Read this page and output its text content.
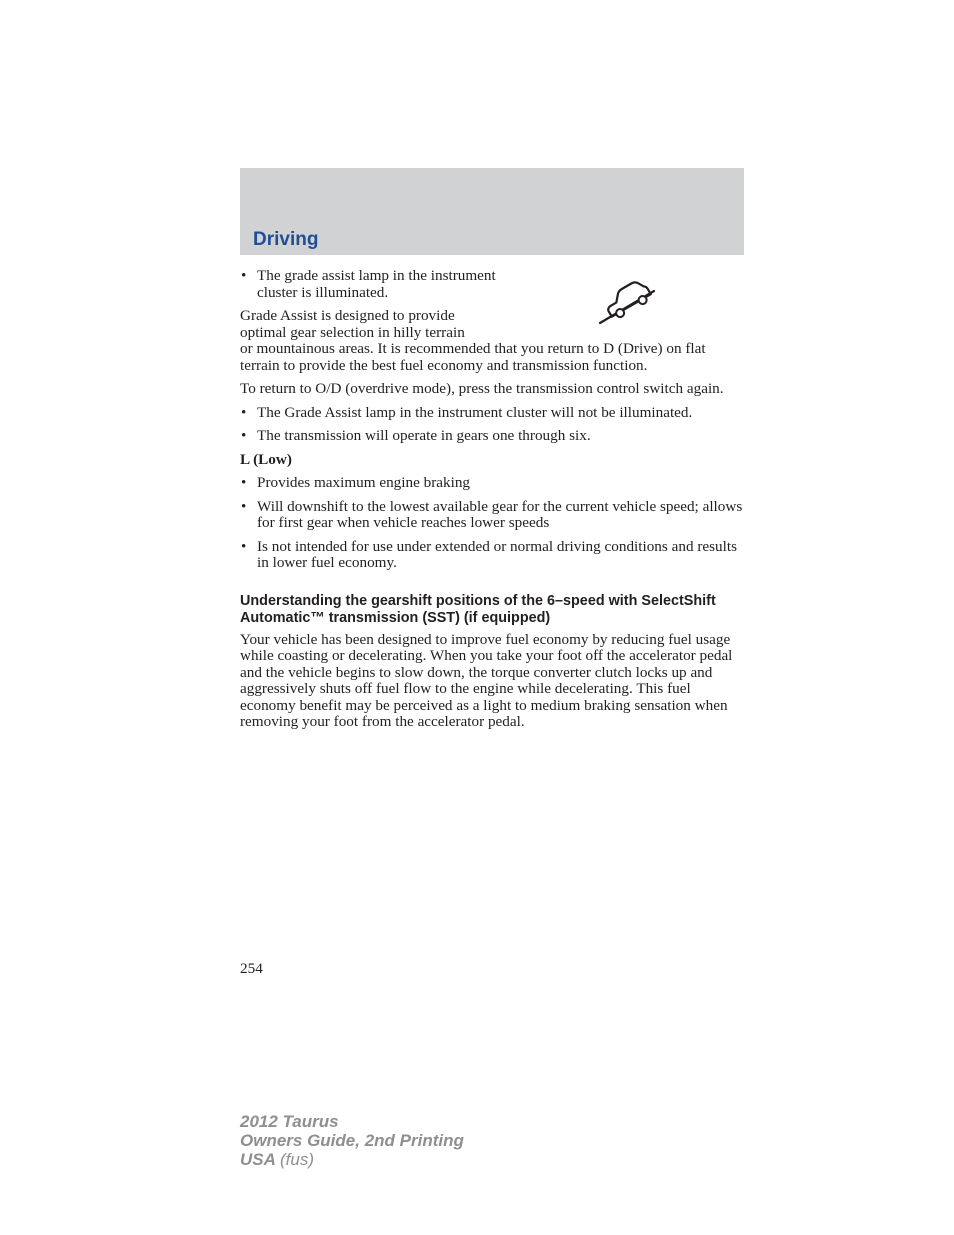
Driving
• The grade assist lamp in the instrument cluster is illuminated.

Grade Assist is designed to provide optimal gear selection in hilly terrain

or mountainous areas. It is recommended that you return to D (Drive) on flat terrain to provide the best fuel economy and transmission function.

To return to O/D (overdrive mode), press the transmission control switch again.

• The Grade Assist lamp in the instrument cluster will not be illuminated.
• The transmission will operate in gears one through six.
L (Low)
• Provides maximum engine braking
• Will downshift to the lowest available gear for the current vehicle speed; allows for first gear when vehicle reaches lower speeds
• Is not intended for use under extended or normal driving conditions and results in lower fuel economy.
Understanding the gearshift positions of the 6–speed with SelectShift Automatic™ transmission (SST) (if equipped)

Your vehicle has been designed to improve fuel economy by reducing fuel usage while coasting or decelerating. When you take your foot off the accelerator pedal and the vehicle begins to slow down, the torque converter clutch locks up and aggressively shuts off fuel flow to the engine while decelerating. This fuel economy benefit may be perceived as a light to medium braking sensation when removing your foot from the accelerator pedal.

254
2012 Taurus
Owners Guide, 2nd Printing
USA (fus)
